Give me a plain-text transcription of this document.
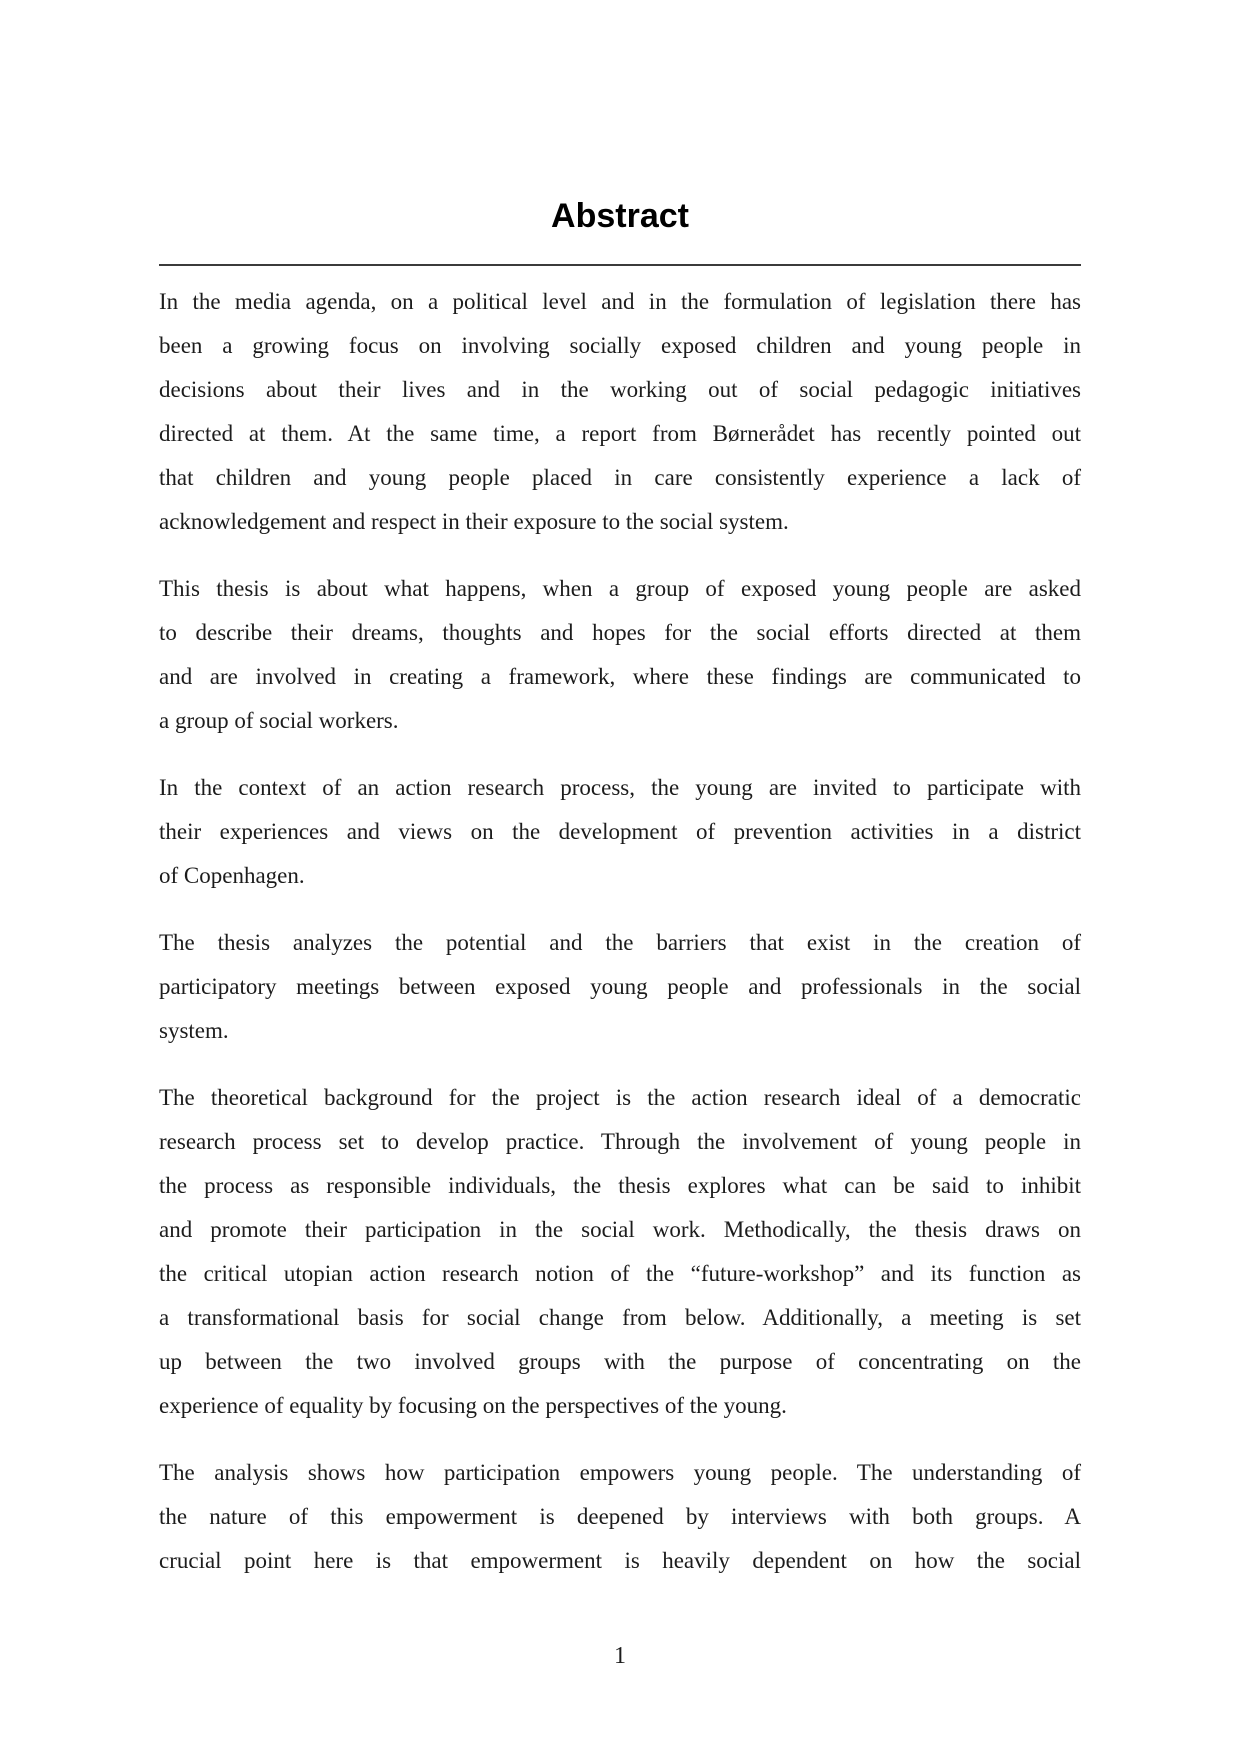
Abstract
In the media agenda, on a political level and in the formulation of legislation there has
been a growing focus on involving socially exposed children and young people in
decisions about their lives and in the working out of social pedagogic initiatives
directed at them. At the same time, a report from Børnerådet has recently pointed out
that children and young people placed in care consistently experience a lack of
acknowledgement and respect in their exposure to the social system.
This thesis is about what happens, when a group of exposed young people are asked
to describe their dreams, thoughts and hopes for the social efforts directed at them
and are involved in creating a framework, where these findings are communicated to
a group of social workers.
In the context of an action research process, the young are invited to participate with
their experiences and views on the development of prevention activities in a district
of Copenhagen.
The thesis analyzes the potential and the barriers that exist in the creation of
participatory meetings between exposed young people and professionals in the social
system.
The theoretical background for the project is the action research ideal of a democratic
research process set to develop practice. Through the involvement of young people in
the process as responsible individuals, the thesis explores what can be said to inhibit
and promote their participation in the social work. Methodically, the thesis draws on
the critical utopian action research notion of the “future-workshop” and its function as
a transformational basis for social change from below. Additionally, a meeting is set
up between the two involved groups with the purpose of concentrating on the
experience of equality by focusing on the perspectives of the young.
The analysis shows how participation empowers young people. The understanding of
the nature of this empowerment is deepened by interviews with both groups. A
crucial point here is that empowerment is heavily dependent on how the social
1
